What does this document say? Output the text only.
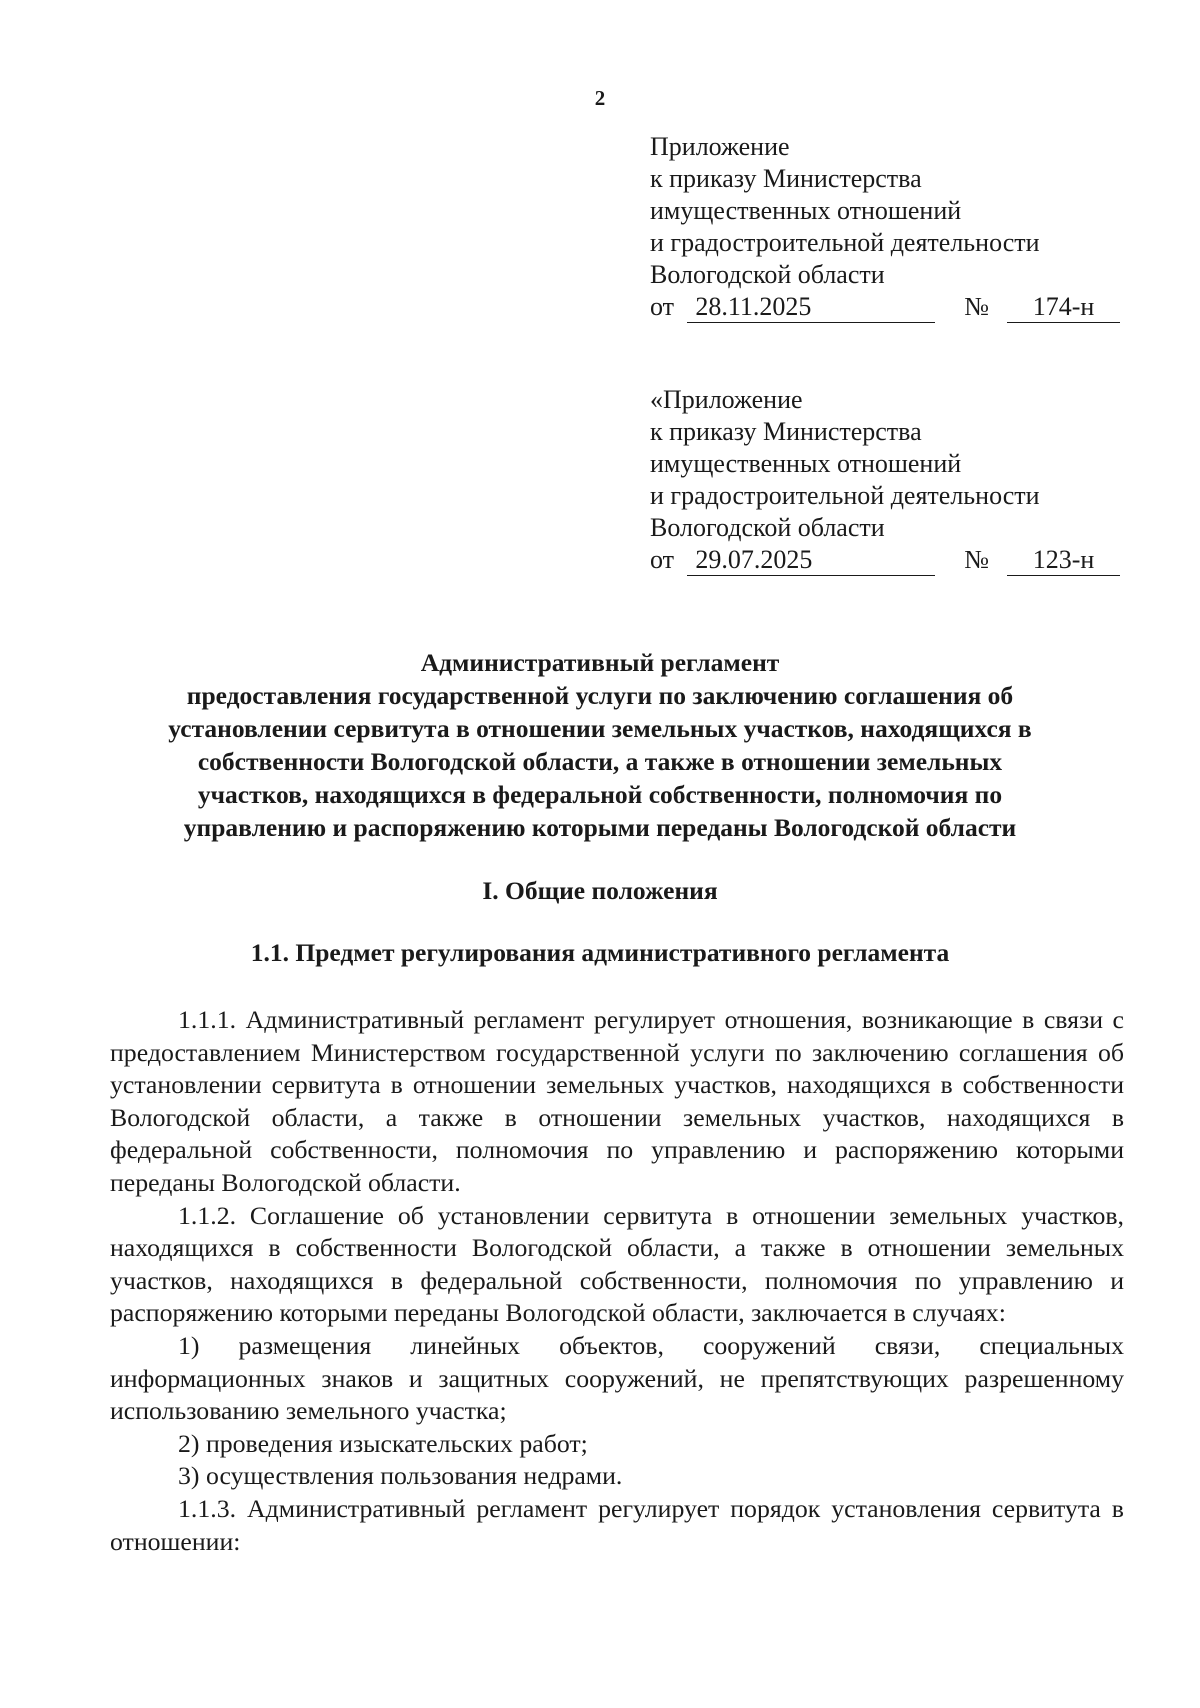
2
Приложение
к приказу Министерства
имущественных отношений
и градостроительной деятельности
Вологодской области
от 28.11.2025	№	174-н
«Приложение
к приказу Министерства
имущественных отношений
и градостроительной деятельности
Вологодской области
от 29.07.2025	№	123-н
Административный регламент
предоставления государственной услуги по заключению соглашения об
установлении сервитута в отношении земельных участков, находящихся в
собственности Вологодской области, а также в отношении земельных
участков, находящихся в федеральной собственности, полномочия по
управлению и распоряжению которыми переданы Вологодской области
I. Общие положения
1.1. Предмет регулирования административного регламента

1.1.1. Административный регламент регулирует отношения, возникающие в связи с предоставлением Министерством государственной услуги по заключению соглашения об установлении сервитута в отношении земельных участков, находящихся в собственности Вологодской области, а также в отношении земельных участков, находящихся в федеральной собственности, полномочия по управлению и распоряжению которыми переданы Вологодской области.

1.1.2. Соглашение об установлении сервитута в отношении земельных участков, находящихся в собственности Вологодской области, а также в отношении земельных участков, находящихся в федеральной собственности, полномочия по управлению и распоряжению которыми переданы Вологодской области, заключается в случаях:

1) размещения линейных объектов, сооружений связи, специальных информационных знаков и защитных сооружений, не препятствующих разрешенному использованию земельного участка;

2) проведения изыскательских работ;

3) осуществления пользования недрами.

1.1.3. Административный регламент регулирует порядок установления сервитута в отношении:
